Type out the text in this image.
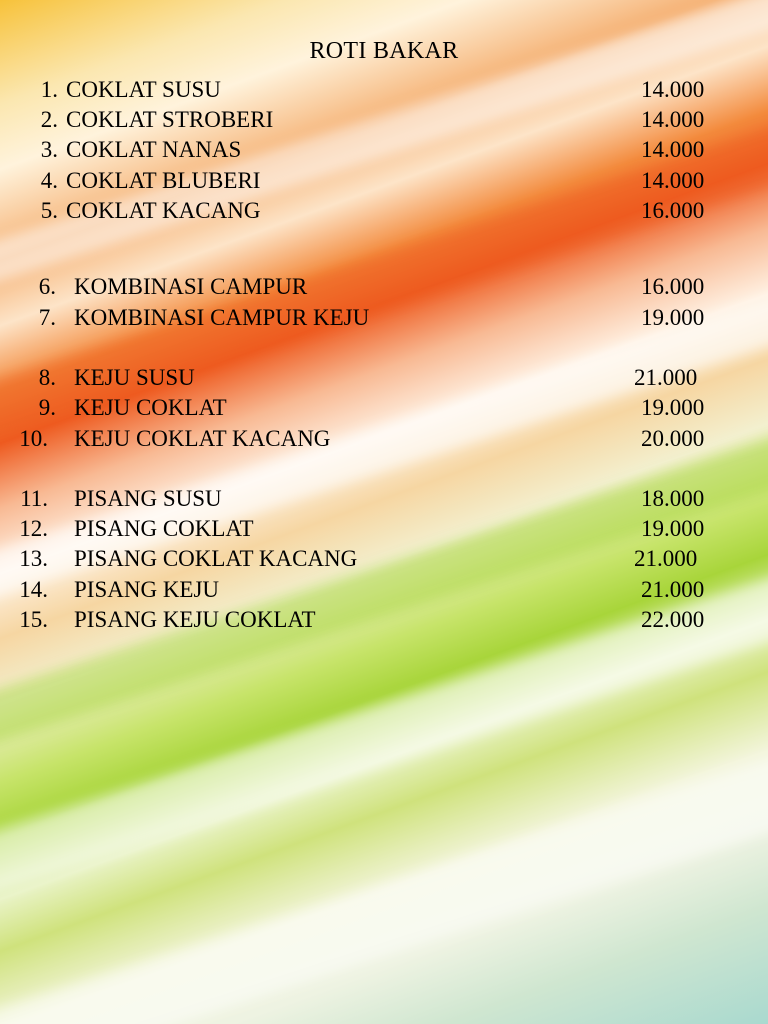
ROTI BAKAR
1. COKLAT SUSU	14.000
2. COKLAT STROBERI	14.000
3. COKLAT NANAS	14.000
4. COKLAT BLUBERI	14.000
5. COKLAT KACANG	16.000
6. KOMBINASI CAMPUR	16.000
7. KOMBINASI CAMPUR KEJU	19.000
8. KEJU SUSU	21.000
9. KEJU COKLAT	19.000
10. KEJU COKLAT KACANG	20.000
11. PISANG SUSU	18.000
12. PISANG COKLAT	19.000
13. PISANG COKLAT KACANG	21.000
14. PISANG KEJU	21.000
15. PISANG KEJU COKLAT	22.000
